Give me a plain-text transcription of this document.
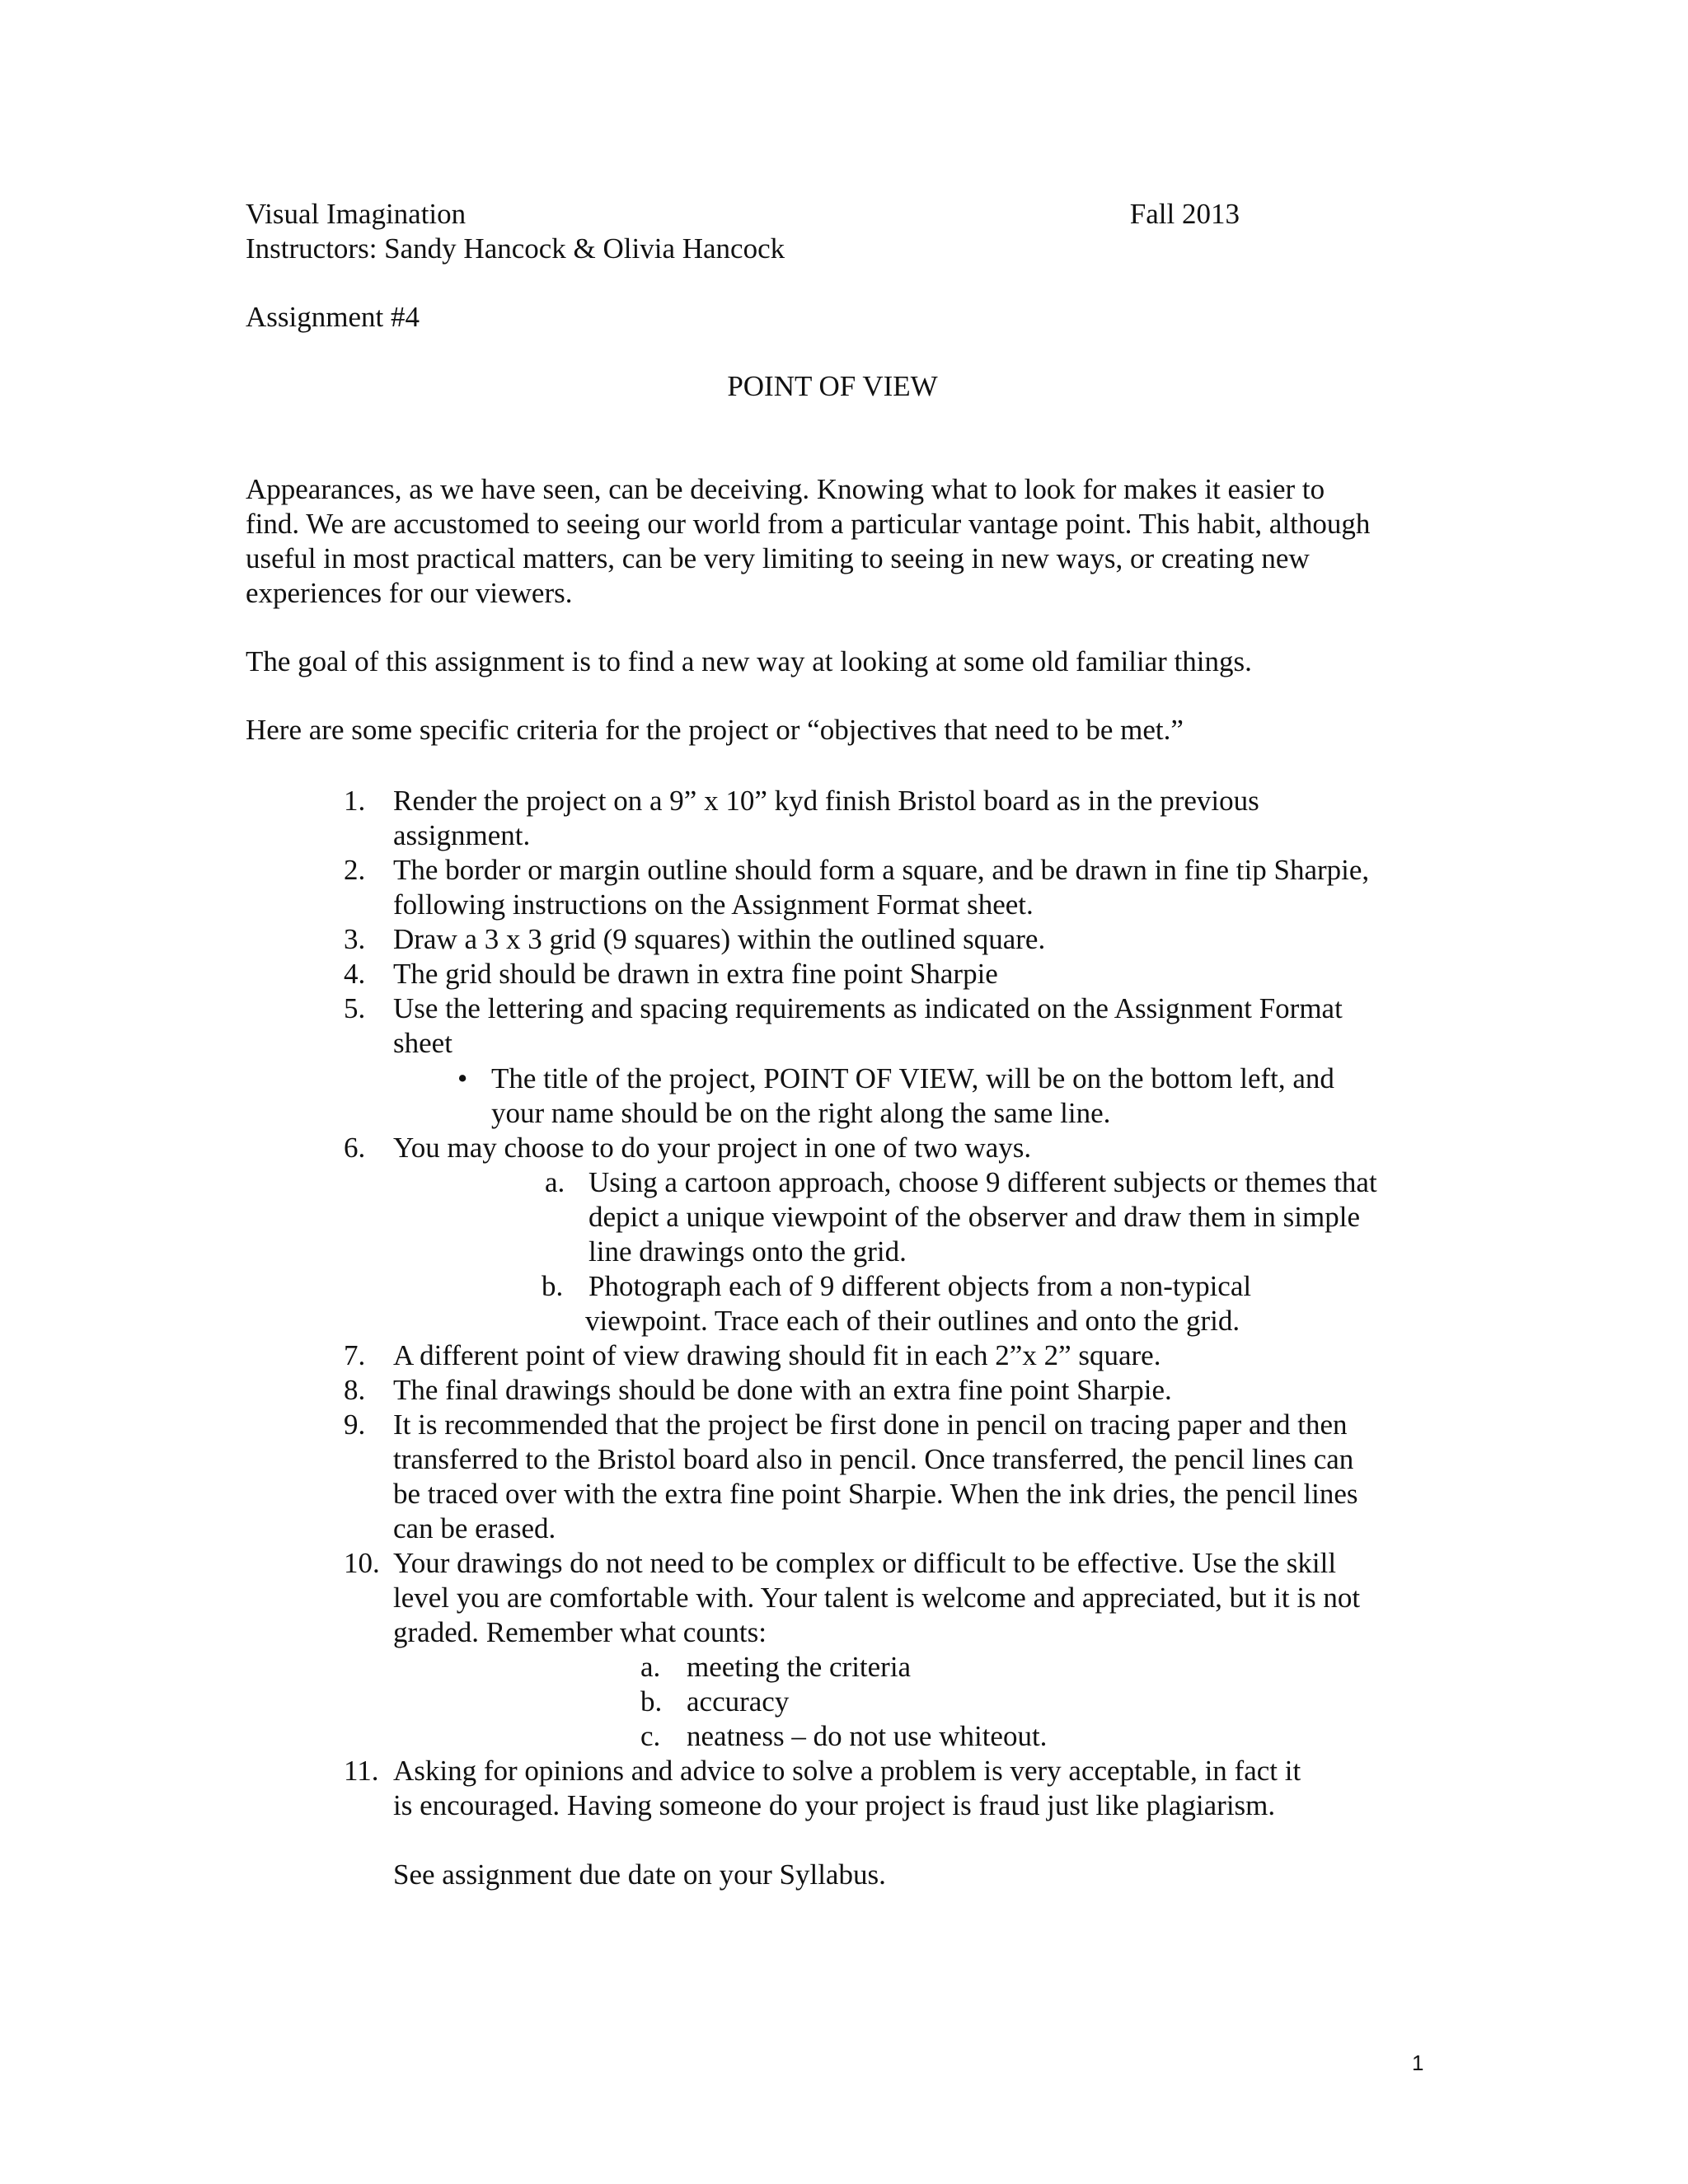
Visual Imagination	Fall 2013

Instructors: Sandy Hancock & Olivia Hancock

Assignment #4

POINT OF VIEW

Appearances, as we have seen, can be deceiving. Knowing what to look for makes it easier to

find. We are accustomed to seeing our world from a particular vantage point. This habit, although

useful in most practical matters, can be very limiting to seeing in new ways, or creating new

experiences for our viewers.

The goal of this assignment is to find a new way at looking at some old familiar things.

Here are some specific criteria for the project or “objectives that need to be met.”

1. Render the project on a 9” x 10” kyd finish Bristol board as in the previous

assignment.

2. The border or margin outline should form a square, and be drawn in fine tip Sharpie,

following instructions on the Assignment Format sheet.

3. Draw a 3 x 3 grid (9 squares) within the outlined square.

4. The grid should be drawn in extra fine point Sharpie

5. Use the lettering and spacing requirements as indicated on the Assignment Format

sheet

• The title of the project, POINT OF VIEW, will be on the bottom left, and

your name should be on the right along the same line.

6. You may choose to do your project in one of two ways.

a. Using a cartoon approach, choose 9 different subjects or themes that

depict a unique viewpoint of the observer and draw them in simple

line drawings onto the grid.

b. Photograph each of 9 different objects from a non-typical

viewpoint. Trace each of their outlines and onto the grid.

7. A different point of view drawing should fit in each 2”x 2” square.

8. The final drawings should be done with an extra fine point Sharpie.

9. It is recommended that the project be first done in pencil on tracing paper and then

transferred to the Bristol board also in pencil. Once transferred, the pencil lines can

be traced over with the extra fine point Sharpie. When the ink dries, the pencil lines

can be erased.

10. Your drawings do not need to be complex or difficult to be effective. Use the skill

level you are comfortable with. Your talent is welcome and appreciated, but it is not

graded. Remember what counts:

a. meeting the criteria

b. accuracy

c. neatness – do not use whiteout.

11. Asking for opinions and advice to solve a problem is very acceptable, in fact it

is encouraged. Having someone do your project is fraud just like plagiarism.

See assignment due date on your Syllabus.

1
